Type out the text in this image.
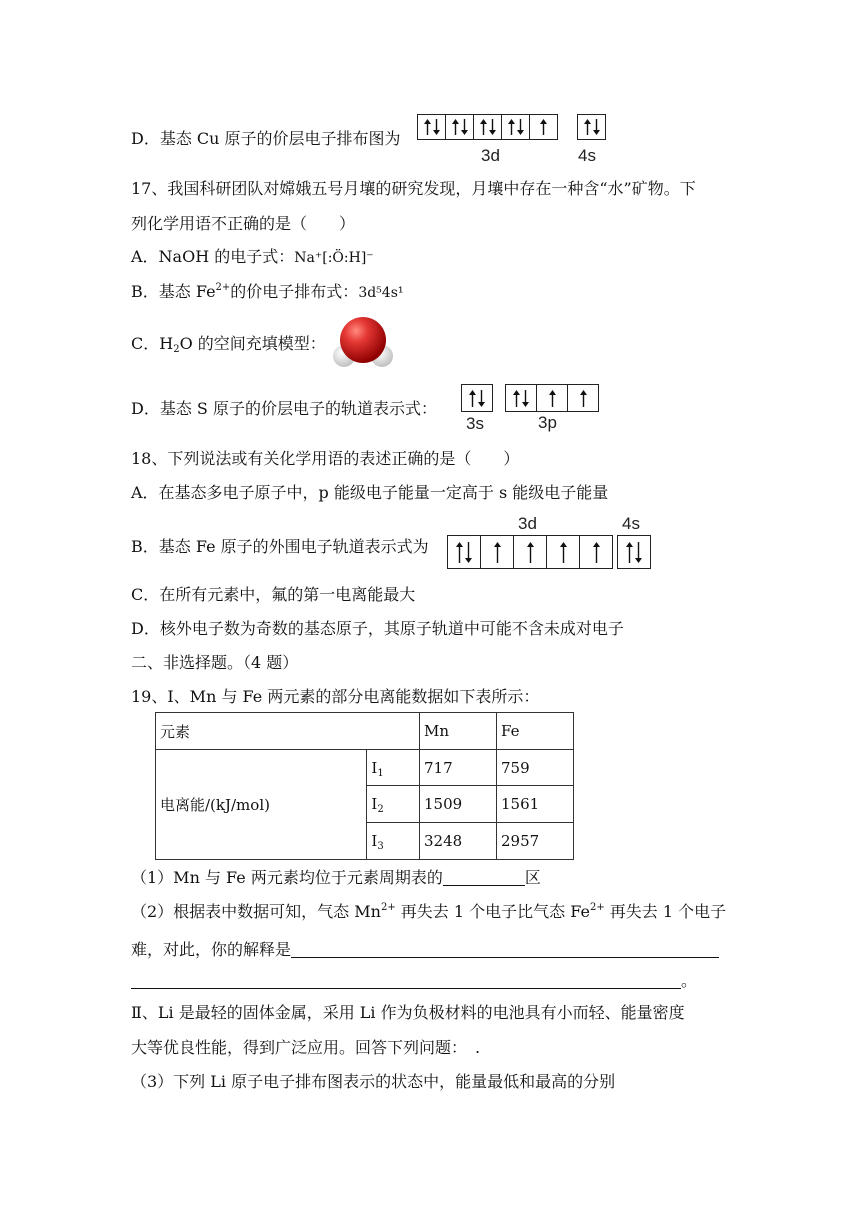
D．基态 Cu 原子的价层电子排布图为
3d	4s
17、我国科研团队对嫦娥五号月壤的研究发现，月壤中存在一种含“水”矿物。下
列化学用语不正确的是（　　）
A．NaOH 的电子式：Na⁺[:Ö:H]⁻
B．基态 $Fe^{2+}$的价电子排布式：3d⁵4s¹
C．$H_2O$ 的空间充填模型：
D．基态 S 原子的价层电子的轨道表示式：
3s	3p
18、下列说法或有关化学用语的表述正确的是（　　）
A．在基态多电子原子中，p 能级电子能量一定高于 s 能级电子能量
B．基态 Fe 原子的外围电子轨道表示式为
3d	4s
C．在所有元素中，氟的第一电离能最大
D．核外电子数为奇数的基态原子，其原子轨道中可能不含未成对电子
二、非选择题。（4 题）
19、Ⅰ、Mn 与 Fe 两元素的部分电离能数据如下表所示：
元素		Mn	Fe
电离能/(kJ/mol)	$I_1$	717	759
	$I_2$	1509	1561
	$I_3$	3248	2957
（1）Mn 与 Fe 两元素均位于元素周期表的	区
（2）根据表中数据可知，气态 $Mn^{2+}$ 再失去 1 个电子比气态 $Fe^{2+}$ 再失去 1 个电子
难，对此，你的解释是
。
Ⅱ、Li 是最轻的固体金属，采用 Li 作为负极材料的电池具有小而轻、能量密度
大等优良性能，得到广泛应用。回答下列问题：　.
（3）下列 Li 原子电子排布图表示的状态中，能量最低和最高的分别
